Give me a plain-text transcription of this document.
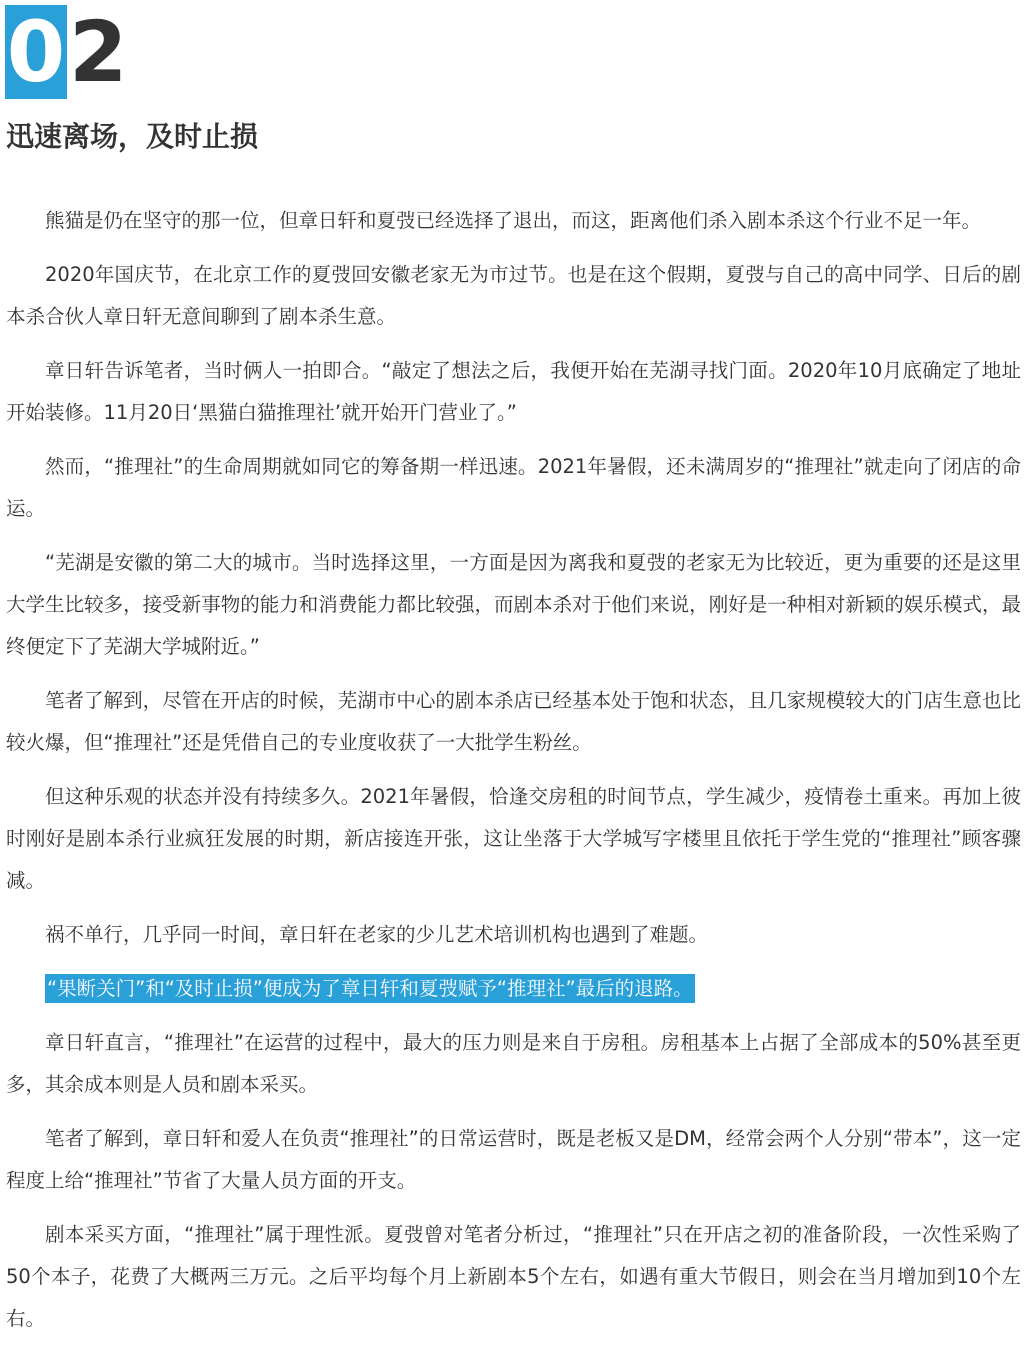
0 2
迅速离场，及时止损

熊猫是仍在坚守的那一位，但章日轩和夏弢已经选择了退出，而这，距离他们杀入剧本杀这个行业不足一年。

2020年国庆节，在北京工作的夏弢回安徽老家无为市过节。也是在这个假期，夏弢与自己的高中同学、日后的剧本杀合伙人章日轩无意间聊到了剧本杀生意。

章日轩告诉笔者，当时俩人一拍即合。“敲定了想法之后，我便开始在芜湖寻找门面。2020年10月底确定了地址开始装修。11月20日‘黑猫白猫推理社’就开始开门营业了。”

然而，“推理社”的生命周期就如同它的筹备期一样迅速。2021年暑假，还未满周岁的“推理社”就走向了闭店的命运。

“芜湖是安徽的第二大的城市。当时选择这里，一方面是因为离我和夏弢的老家无为比较近，更为重要的还是这里大学生比较多，接受新事物的能力和消费能力都比较强，而剧本杀对于他们来说，刚好是一种相对新颖的娱乐模式，最终便定下了芜湖大学城附近。”

笔者了解到，尽管在开店的时候，芜湖市中心的剧本杀店已经基本处于饱和状态，且几家规模较大的门店生意也比较火爆，但“推理社”还是凭借自己的专业度收获了一大批学生粉丝。

但这种乐观的状态并没有持续多久。2021年暑假，恰逢交房租的时间节点，学生减少，疫情卷土重来。再加上彼时刚好是剧本杀行业疯狂发展的时期，新店接连开张，这让坐落于大学城写字楼里且依托于学生党的“推理社”顾客骤减。

祸不单行，几乎同一时间，章日轩在老家的少儿艺术培训机构也遇到了难题。

“果断关门”和“及时止损”便成为了章日轩和夏弢赋予“推理社”最后的退路。

章日轩直言，“推理社”在运营的过程中，最大的压力则是来自于房租。房租基本上占据了全部成本的50%甚至更多，其余成本则是人员和剧本采买。

笔者了解到，章日轩和爱人在负责“推理社”的日常运营时，既是老板又是DM，经常会两个人分别“带本”，这一定程度上给“推理社”节省了大量人员方面的开支。

剧本采买方面，“推理社”属于理性派。夏弢曾对笔者分析过，“推理社”只在开店之初的准备阶段，一次性采购了50个本子，花费了大概两三万元。之后平均每个月上新剧本5个左右，如遇有重大节假日，则会在当月增加到10个左右。
